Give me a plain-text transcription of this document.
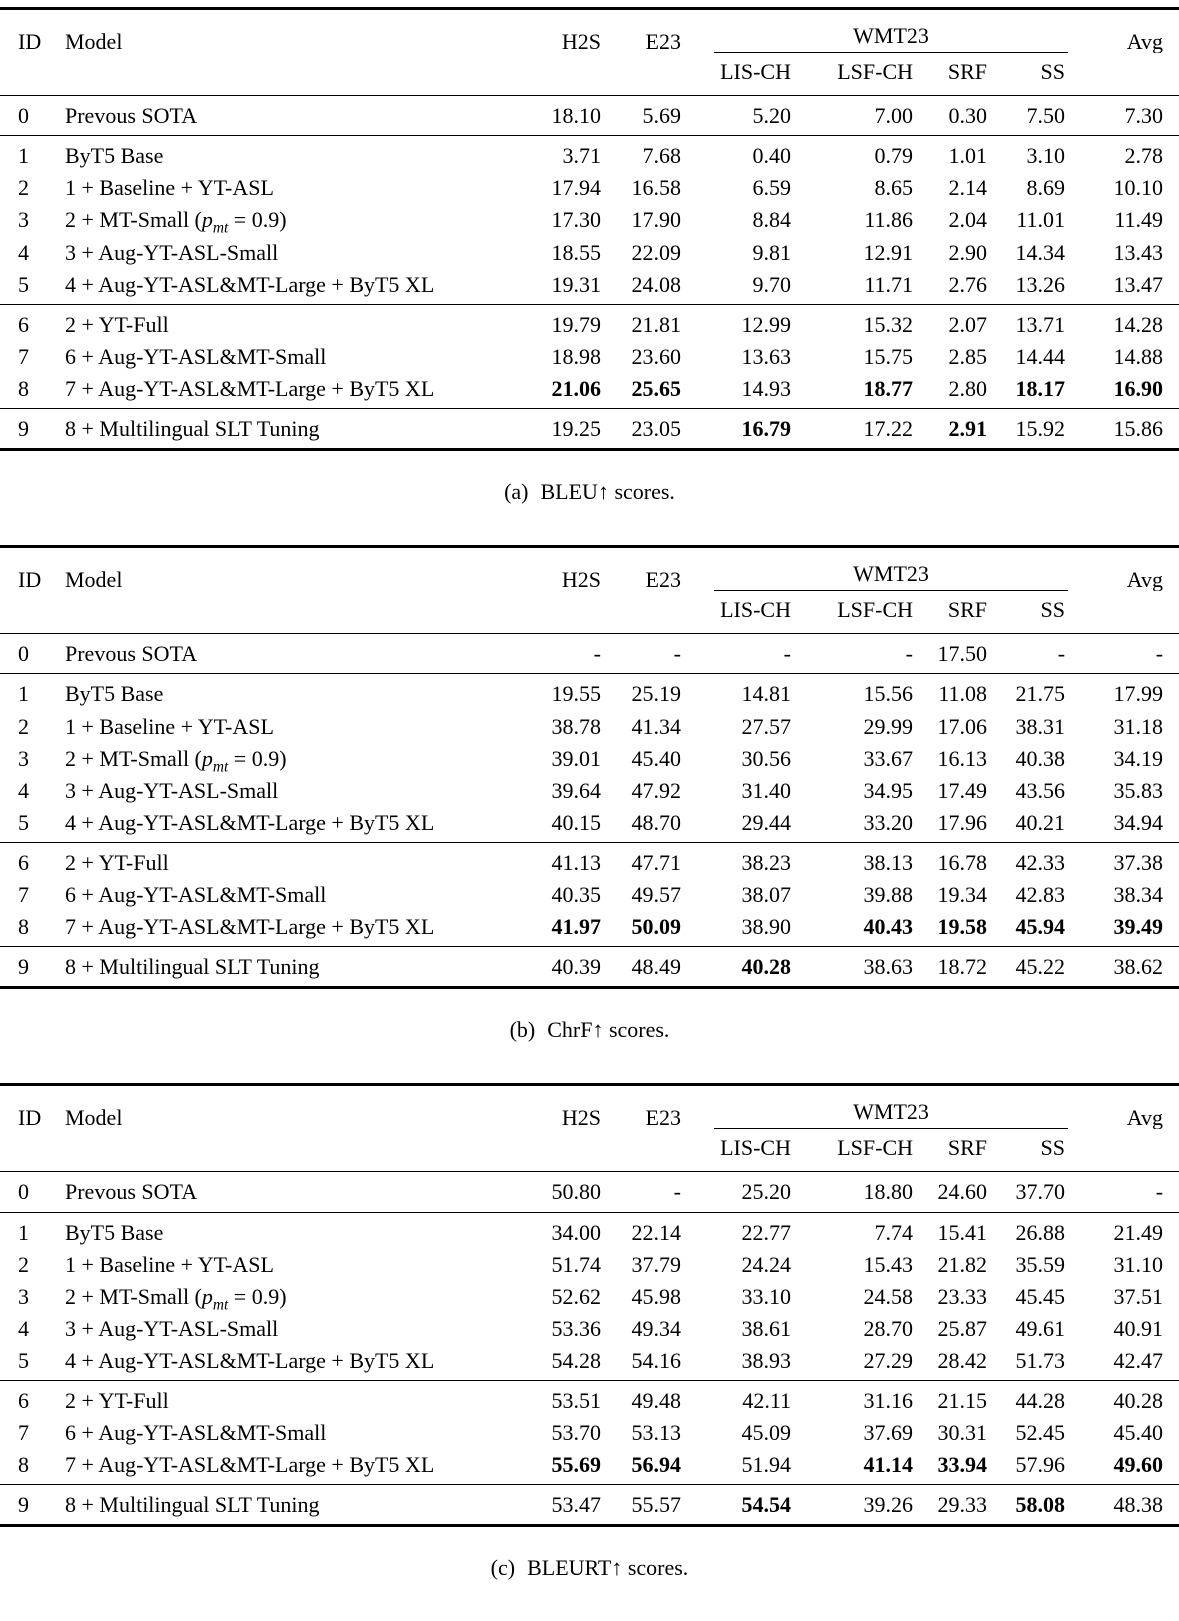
ID	Model	H2S	E23	WMT23				Avg
				LIS-CH	LSF-CH	SRF	SS	
0	Prevous SOTA	18.10	5.69	5.20	7.00	0.30	7.50	7.30
1	ByT5 Base	3.71	7.68	0.40	0.79	1.01	3.10	2.78
2	1 + Baseline + YT-ASL	17.94	16.58	6.59	8.65	2.14	8.69	10.10
3	2 + MT-Small $(p_{mt} = 0.9)$	17.30	17.90	8.84	11.86	2.04	11.01	11.49
4	3 + Aug-YT-ASL-Small	18.55	22.09	9.81	12.91	2.90	14.34	13.43
5	4 + Aug-YT-ASL&MT-Large + ByT5 XL	19.31	24.08	9.70	11.71	2.76	13.26	13.47
6	2 + YT-Full	19.79	21.81	12.99	15.32	2.07	13.71	14.28
7	6 + Aug-YT-ASL&MT-Small	18.98	23.60	13.63	15.75	2.85	14.44	14.88
8	7 + Aug-YT-ASL&MT-Large + ByT5 XL	21.06	25.65	14.93	18.77	2.80	18.17	16.90
9	8 + Multilingual SLT Tuning	19.25	23.05	16.79	17.22	2.91	15.92	15.86
(a) BLEU↑ scores.
ID	Model	H2S	E23	WMT23				Avg
				LIS-CH	LSF-CH	SRF	SS	
0	Prevous SOTA	-	-	-	-	17.50	-	-
1	ByT5 Base	19.55	25.19	14.81	15.56	11.08	21.75	17.99
2	1 + Baseline + YT-ASL	38.78	41.34	27.57	29.99	17.06	38.31	31.18
3	2 + MT-Small $(p_{mt} = 0.9)$	39.01	45.40	30.56	33.67	16.13	40.38	34.19
4	3 + Aug-YT-ASL-Small	39.64	47.92	31.40	34.95	17.49	43.56	35.83
5	4 + Aug-YT-ASL&MT-Large + ByT5 XL	40.15	48.70	29.44	33.20	17.96	40.21	34.94
6	2 + YT-Full	41.13	47.71	38.23	38.13	16.78	42.33	37.38
7	6 + Aug-YT-ASL&MT-Small	40.35	49.57	38.07	39.88	19.34	42.83	38.34
8	7 + Aug-YT-ASL&MT-Large + ByT5 XL	41.97	50.09	38.90	40.43	19.58	45.94	39.49
9	8 + Multilingual SLT Tuning	40.39	48.49	40.28	38.63	18.72	45.22	38.62
(b) ChrF↑ scores.
ID	Model	H2S	E23	WMT23				Avg
				LIS-CH	LSF-CH	SRF	SS	
0	Prevous SOTA	50.80	-	25.20	18.80	24.60	37.70	-
1	ByT5 Base	34.00	22.14	22.77	7.74	15.41	26.88	21.49
2	1 + Baseline + YT-ASL	51.74	37.79	24.24	15.43	21.82	35.59	31.10
3	2 + MT-Small $(p_{mt} = 0.9)$	52.62	45.98	33.10	24.58	23.33	45.45	37.51
4	3 + Aug-YT-ASL-Small	53.36	49.34	38.61	28.70	25.87	49.61	40.91
5	4 + Aug-YT-ASL&MT-Large + ByT5 XL	54.28	54.16	38.93	27.29	28.42	51.73	42.47
6	2 + YT-Full	53.51	49.48	42.11	31.16	21.15	44.28	40.28
7	6 + Aug-YT-ASL&MT-Small	53.70	53.13	45.09	37.69	30.31	52.45	45.40
8	7 + Aug-YT-ASL&MT-Large + ByT5 XL	55.69	56.94	51.94	41.14	33.94	57.96	49.60
9	8 + Multilingual SLT Tuning	53.47	55.57	54.54	39.26	29.33	58.08	48.38
(c) BLEURT↑ scores.
